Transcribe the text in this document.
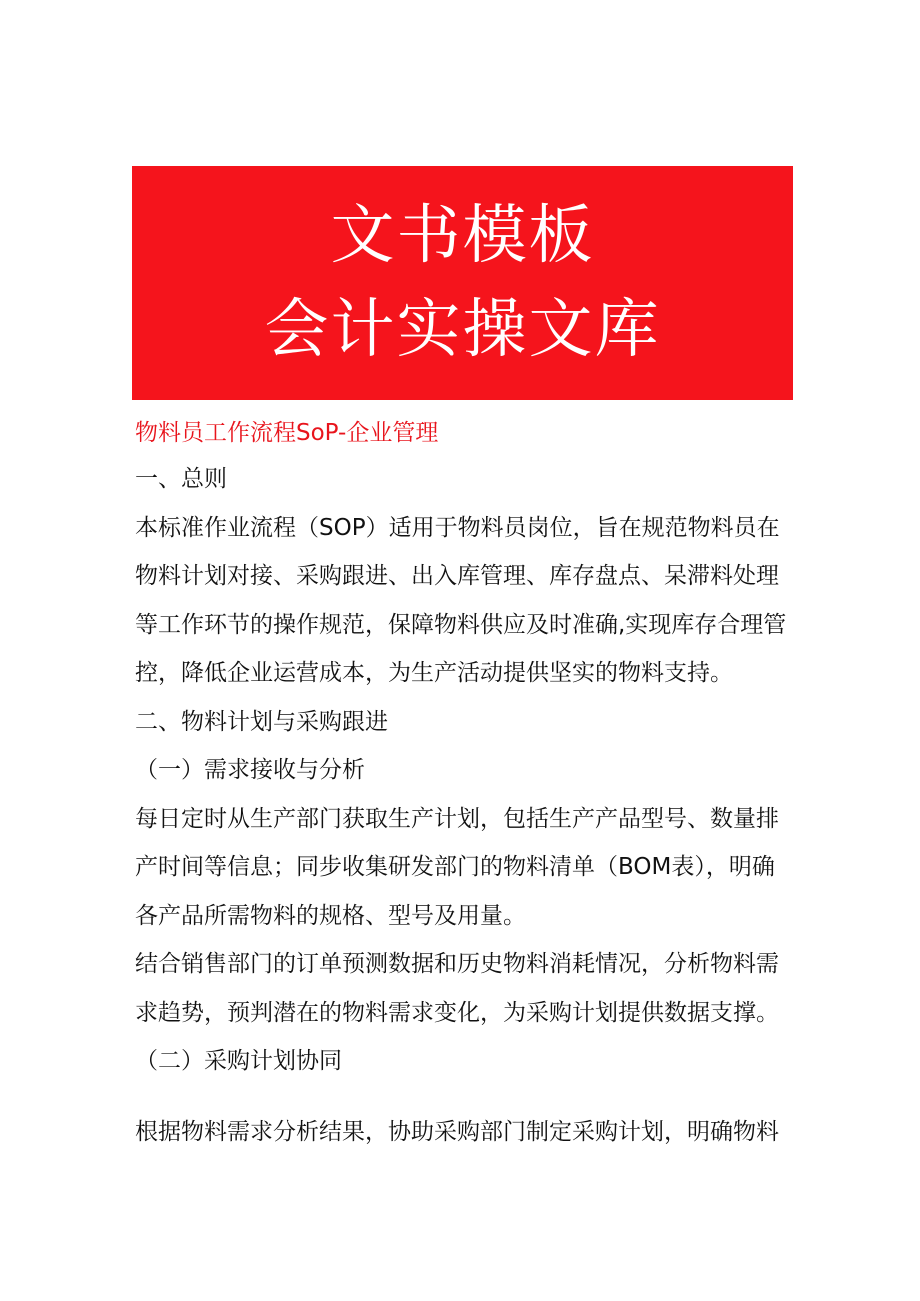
文书模板
会计实操文库
物料员工作流程SoP-企业管理
一、总则
本标准作业流程（SOP）适用于物料员岗位，旨在规范物料员在
物料计划对接、采购跟进、出入库管理、库存盘点、呆滞料处理
等工作环节的操作规范，保障物料供应及时准确,实现库存合理管
控，降低企业运营成本，为生产活动提供坚实的物料支持。
二、物料计划与采购跟进
（一）需求接收与分析
每日定时从生产部门获取生产计划，包括生产产品型号、数量排
产时间等信息；同步收集研发部门的物料清单（BOM表），明确
各产品所需物料的规格、型号及用量。
结合销售部门的订单预测数据和历史物料消耗情况，分析物料需
求趋势，预判潜在的物料需求变化，为采购计划提供数据支撑。
（二）采购计划协同
根据物料需求分析结果，协助采购部门制定采购计划，明确物料
